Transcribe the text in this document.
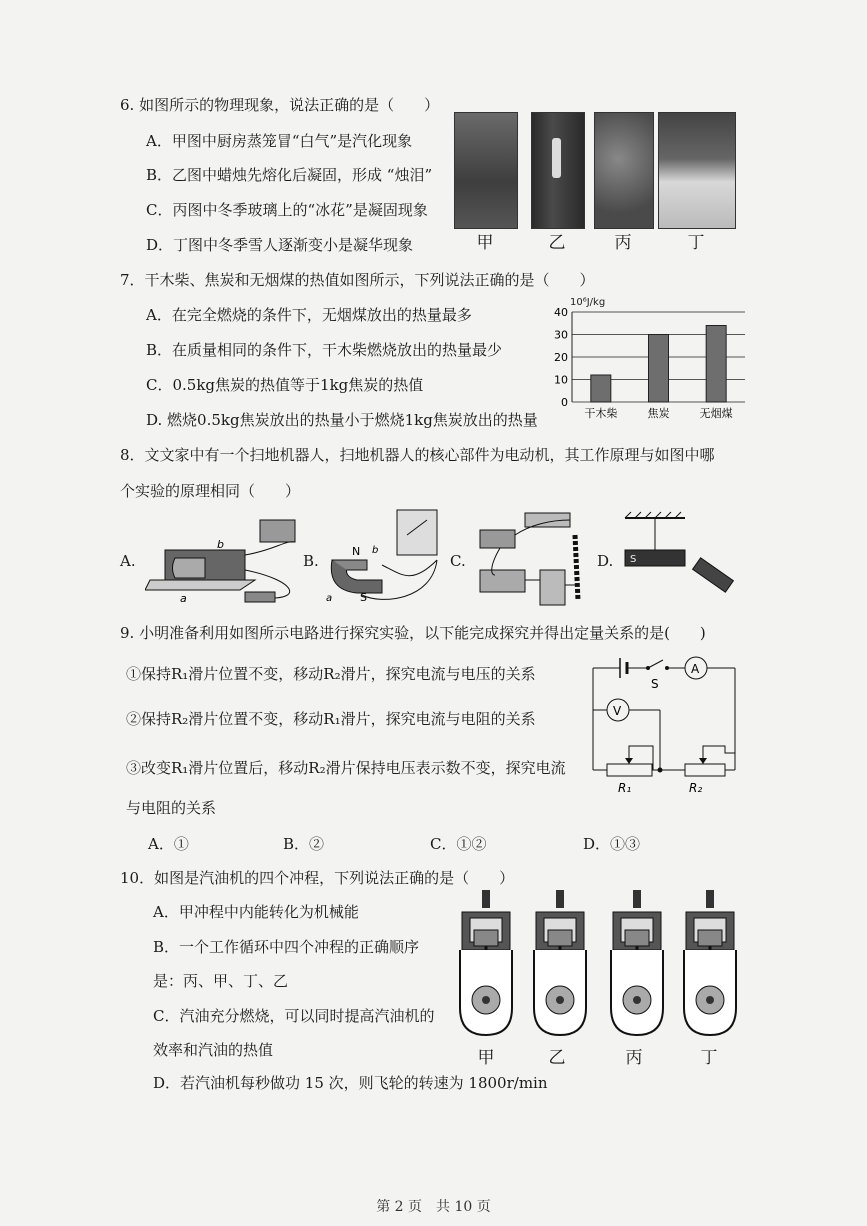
6. 如图所示的物理现象，说法正确的是（　　）
A．甲图中厨房蒸笼冒“白气”是汽化现象
B．乙图中蜡烛先熔化后凝固，形成 “烛泪”
C．丙图中冬季玻璃上的“冰花”是凝固现象
D．丁图中冬季雪人逐渐变小是凝华现象	甲	乙	丙	丁
7．干木柴、焦炭和无烟煤的热值如图所示，下列说法正确的是（　　）
A．在完全燃烧的条件下，无烟煤放出的热量最多
B．在质量相同的条件下，干木柴燃烧放出的热量最少
C．0.5kg焦炭的热值等于1kg焦炭的热值
D. 燃烧0.5kg焦炭放出的热量小于燃烧1kg焦炭放出的热量
10⁶J/kg
0
10
20
30
40
干木柴	焦炭	无烟煤
8．文文家中有一个扫地机器人，扫地机器人的核心部件为电动机，其工作原理与如图中哪
个实验的原理相同（　　）
A.
b
a
B.
N b
S
a
C.	D. S
9. 小明准备利用如图所示电路进行探究实验，以下能完成探究并得出定量关系的是(　　)
①保持R₁滑片位置不变，移动R₂滑片，探究电流与电压的关系
②保持R₂滑片位置不变，移动R₁滑片，探究电流与电阻的关系
③改变R₁滑片位置后，移动R₂滑片保持电压表示数不变，探究电流
与电阻的关系
A
S
V
R₁	R₂
A．①	B．②	C．①②	D．①③
10．如图是汽油机的四个冲程，下列说法正确的是（　　）
A．甲冲程中内能转化为机械能
B．一个工作循环中四个冲程的正确顺序
是：丙、甲、丁、乙
C．汽油充分燃烧，可以同时提高汽油机的
效率和汽油的热值
D．若汽油机每秒做功 15 次，则飞轮的转速为 1800r/min
甲	乙	丙	丁
第 2 页　共 10 页
